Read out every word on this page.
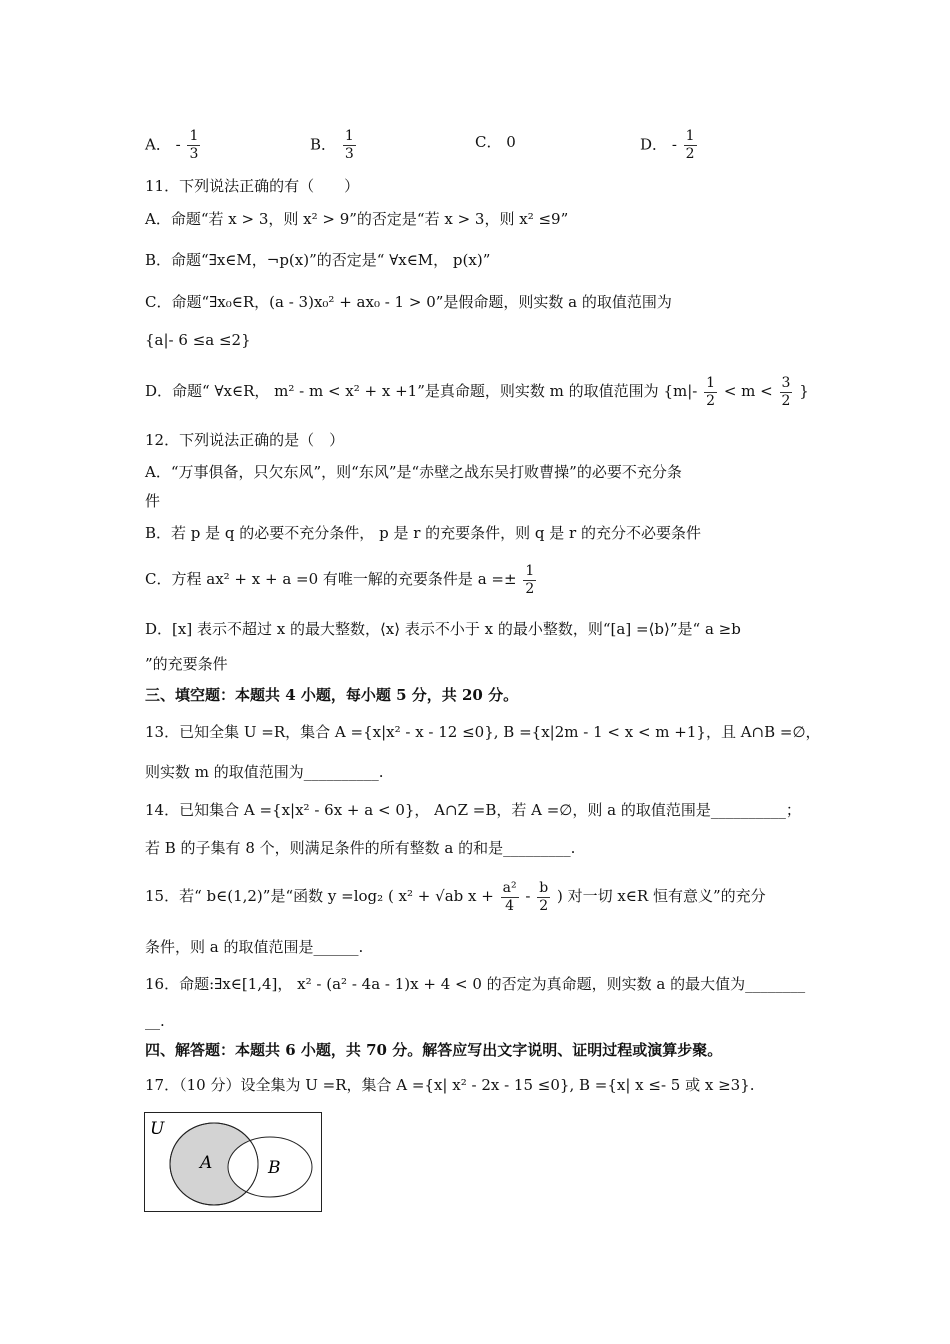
A． - $\frac{1}{3}$	B． $\frac{1}{3}$	C． 0	D． - $\frac{1}{2}$
11．下列说法正确的有（　　）
A．命题“若 x > 3，则 x² > 9”的否定是“若 x > 3，则 x² ≤9”
B．命题“∃x∈M，¬p(x)”的否定是“ ∀x∈M， p(x)”
C．命题“∃x₀∈R，(a - 3)x₀² + ax₀ - 1 > 0”是假命题，则实数 a 的取值范围为
{a|- 6 ≤a ≤2}
D．命题“ ∀x∈R， m² - m < x² + x +1”是真命题，则实数 m 的取值范围为 {$m|- \frac{1}{2} < m < \frac{3}{2}$ }
12．下列说法正确的是（　）
A．“万事俱备，只欠东风”，则“东风”是“赤壁之战东吴打败曹操”的必要不充分条
件
B．若 p 是 q 的必要不充分条件， p 是 r 的充要条件，则 q 是 r 的充分不必要条件
C．方程 ax² + x + a =0 有唯一解的充要条件是 $a =\pm \frac{1}{2}$
D．[x] 表示不超过 x 的最大整数，⟨x⟩ 表示不小于 x 的最小整数，则“[a] =⟨b⟩”是“ a ≥b
”的充要条件
三、填空题：本题共 4 小题，每小题 5 分，共 20 分。
13．已知全集 U =R，集合 A ={x|x² - x - 12 ≤0}, B ={x|2m - 1 < x < m +1}，且 A∩B =∅，
则实数 m 的取值范围为__________.
14．已知集合 A ={x|x² - 6x + a < 0}， A∩Z =B，若 A =∅，则 a 的取值范围是__________；
若 B 的子集有 8 个，则满足条件的所有整数 a 的和是_________.
15．若“ b∈(1,2)”是“函数 y =log₂ ( x² + √ab $x + \frac{\text{a²}}{4} - \frac{b}{2}$ ) 对一切 x∈R 恒有意义”的充分
条件，则 a 的取值范围是______.
16．命题:∃x∈[1,4]， x² - (a² - 4a - 1)x + 4 < 0 的否定为真命题，则实数 a 的最大值为________
__.
四、解答题：本题共 6 小题，共 70 分。解答应写出文字说明、证明过程或演算步聚。
17．（10 分）设全集为 U =R，集合 A ={x| x² - 2x - 15 ≤0}, B ={x| x ≤- 5 或 x ≥3}.
U
A	B
